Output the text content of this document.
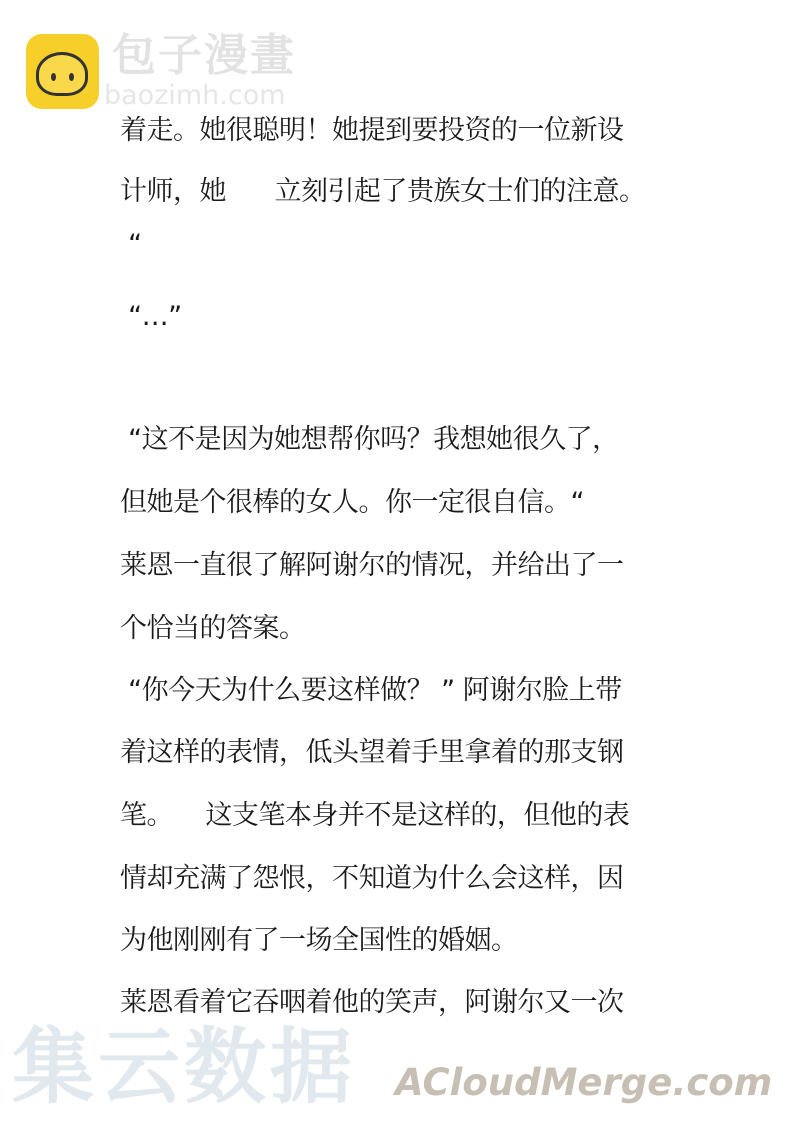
包子漫畫
baozimh.com
着走。她很聪明！她提到要投资的一位新设
计师，她      立刻引起了贵族女士们的注意。
“
“…”
“这不是因为她想帮你吗？我想她很久了，
但她是个很棒的女人。你一定很自信。“
莱恩一直很了解阿谢尔的情况，并给出了一
个恰当的答案。
“你今天为什么要这样做？ ” 阿谢尔脸上带
着这样的表情，低头望着手里拿着的那支钢
笔。    这支笔本身并不是这样的，但他的表
情却充满了怨恨，不知道为什么会这样，因
为他刚刚有了一场全国性的婚姻。
莱恩看着它吞咽着他的笑声，阿谢尔又一次
集云数据 ACloudMerge.com
